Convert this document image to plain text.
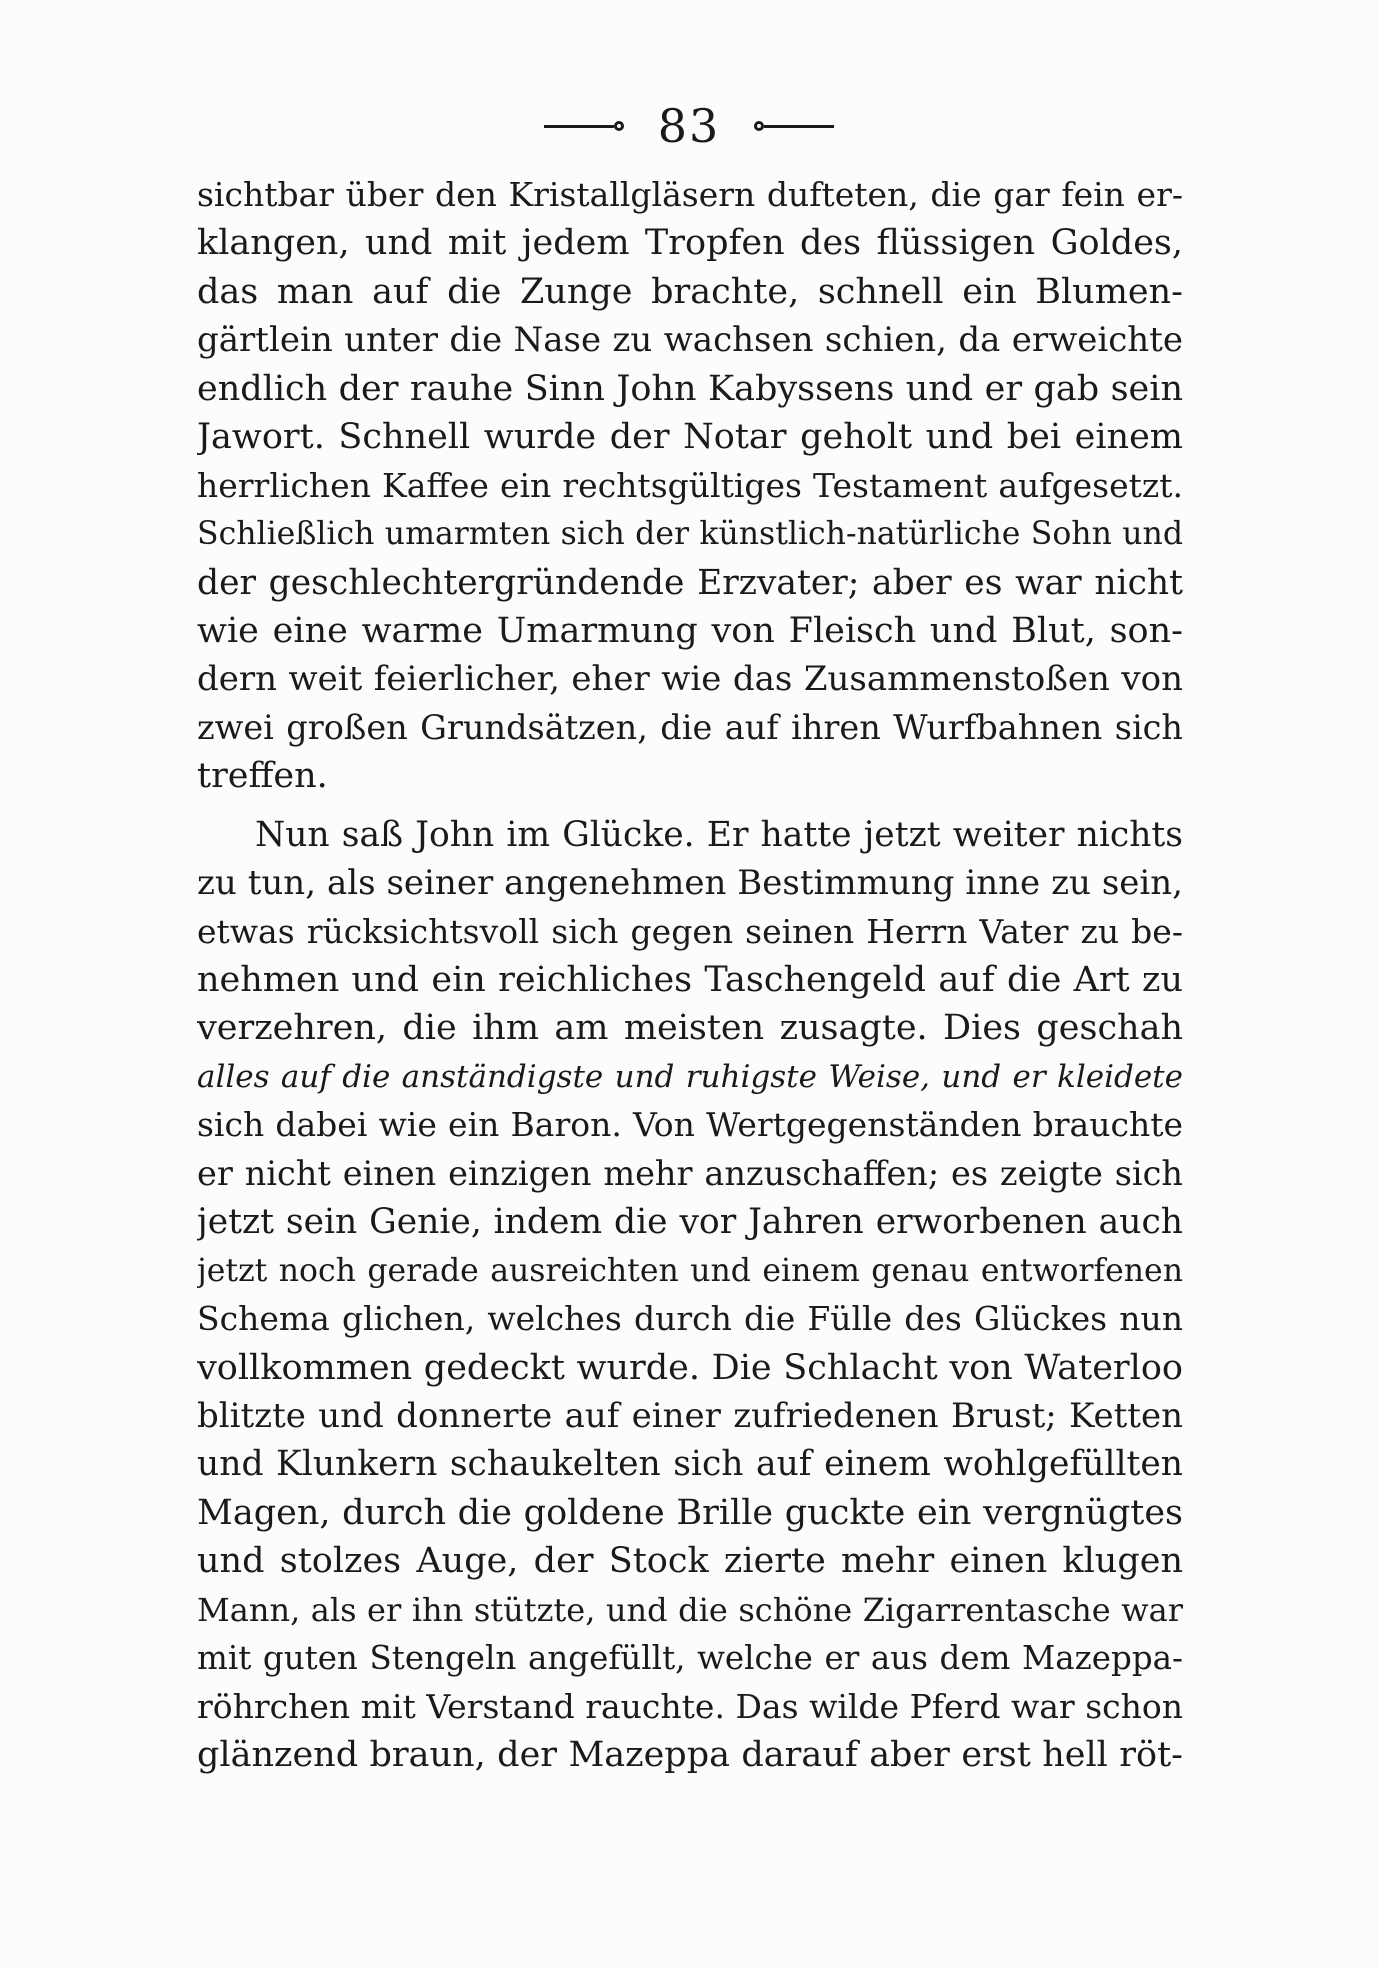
83
sichtbar über den Kristallgläsern dufteten, die gar fein er-
klangen, und mit jedem Tropfen des flüssigen Goldes,
das man auf die Zunge brachte, schnell ein Blumen-
gärtlein unter die Nase zu wachsen schien, da erweichte
endlich der rauhe Sinn John Kabyssens und er gab sein
Jawort. Schnell wurde der Notar geholt und bei einem
herrlichen Kaffee ein rechtsgültiges Testament aufgesetzt.
Schließlich umarmten sich der künstlich-natürliche Sohn und
der geschlechtergründende Erzvater; aber es war nicht
wie eine warme Umarmung von Fleisch und Blut, son-
dern weit feierlicher, eher wie das Zusammenstoßen von
zwei großen Grundsätzen, die auf ihren Wurfbahnen sich
treffen.
Nun saß John im Glücke. Er hatte jetzt weiter nichts
zu tun, als seiner angenehmen Bestimmung inne zu sein,
etwas rücksichtsvoll sich gegen seinen Herrn Vater zu be-
nehmen und ein reichliches Taschengeld auf die Art zu
verzehren, die ihm am meisten zusagte. Dies geschah
alles auf die anständigste und ruhigste Weise, und er kleidete
sich dabei wie ein Baron. Von Wertgegenständen brauchte
er nicht einen einzigen mehr anzuschaffen; es zeigte sich
jetzt sein Genie, indem die vor Jahren erworbenen auch
jetzt noch gerade ausreichten und einem genau entworfenen
Schema glichen, welches durch die Fülle des Glückes nun
vollkommen gedeckt wurde. Die Schlacht von Waterloo
blitzte und donnerte auf einer zufriedenen Brust; Ketten
und Klunkern schaukelten sich auf einem wohlgefüllten
Magen, durch die goldene Brille guckte ein vergnügtes
und stolzes Auge, der Stock zierte mehr einen klugen
Mann, als er ihn stützte, und die schöne Zigarrentasche war
mit guten Stengeln angefüllt, welche er aus dem Mazeppa-
röhrchen mit Verstand rauchte. Das wilde Pferd war schon
glänzend braun, der Mazeppa darauf aber erst hell röt-
